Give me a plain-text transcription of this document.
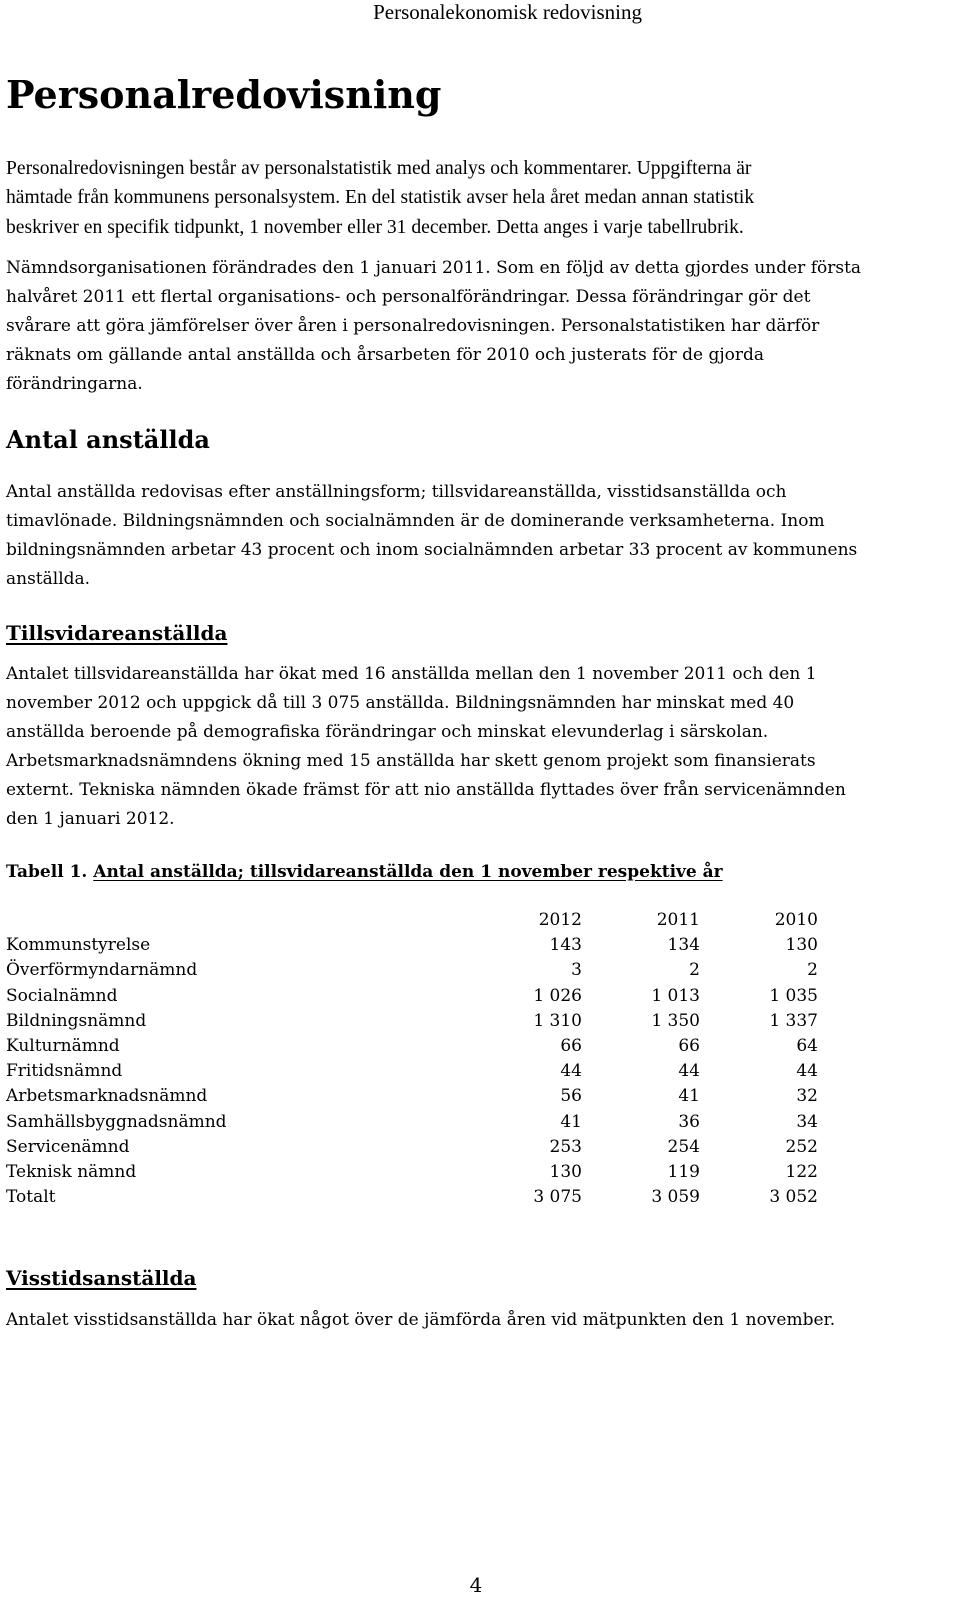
Personalekonomisk redovisning
Personalredovisning

Personalredovisningen består av personalstatistik med analys och kommentarer. Uppgifterna är
hämtade från kommunens personalsystem. En del statistik avser hela året medan annan statistik
beskriver en specifik tidpunkt, 1 november eller 31 december. Detta anges i varje tabellrubrik.

Nämndsorganisationen förändrades den 1 januari 2011. Som en följd av detta gjordes under första
halvåret 2011 ett flertal organisations- och personalförändringar. Dessa förändringar gör det
svårare att göra jämförelser över åren i personalredovisningen. Personalstatistiken har därför
räknats om gällande antal anställda och årsarbeten för 2010 och justerats för de gjorda
förändringarna.

Antal anställda

Antal anställda redovisas efter anställningsform; tillsvidareanställda, visstidsanställda och
timavlönade. Bildningsnämnden och socialnämnden är de dominerande verksamheterna. Inom
bildningsnämnden arbetar 43 procent och inom socialnämnden arbetar 33 procent av kommunens
anställda.

Tillsvidareanställda

Antalet tillsvidareanställda har ökat med 16 anställda mellan den 1 november 2011 och den 1
november 2012 och uppgick då till 3 075 anställda. Bildningsnämnden har minskat med 40
anställda beroende på demografiska förändringar och minskat elevunderlag i särskolan.
Arbetsmarknadsnämndens ökning med 15 anställda har skett genom projekt som finansierats
externt. Tekniska nämnden ökade främst för att nio anställda flyttades över från servicenämnden
den 1 januari 2012.

Tabell 1. Antal anställda; tillsvidareanställda den 1 november respektive år
	2012	2011	2010
Kommunstyrelse	143	134	130
Överförmyndarnämnd	3	2	2
Socialnämnd	1 026	1 013	1 035
Bildningsnämnd	1 310	1 350	1 337
Kulturnämnd	66	66	64
Fritidsnämnd	44	44	44
Arbetsmarknadsnämnd	56	41	32
Samhällsbyggnadsnämnd	41	36	34
Servicenämnd	253	254	252
Teknisk nämnd	130	119	122
Totalt	3 075	3 059	3 052
Visstidsanställda

Antalet visstidsanställda har ökat något över de jämförda åren vid mätpunkten den 1 november.

4
